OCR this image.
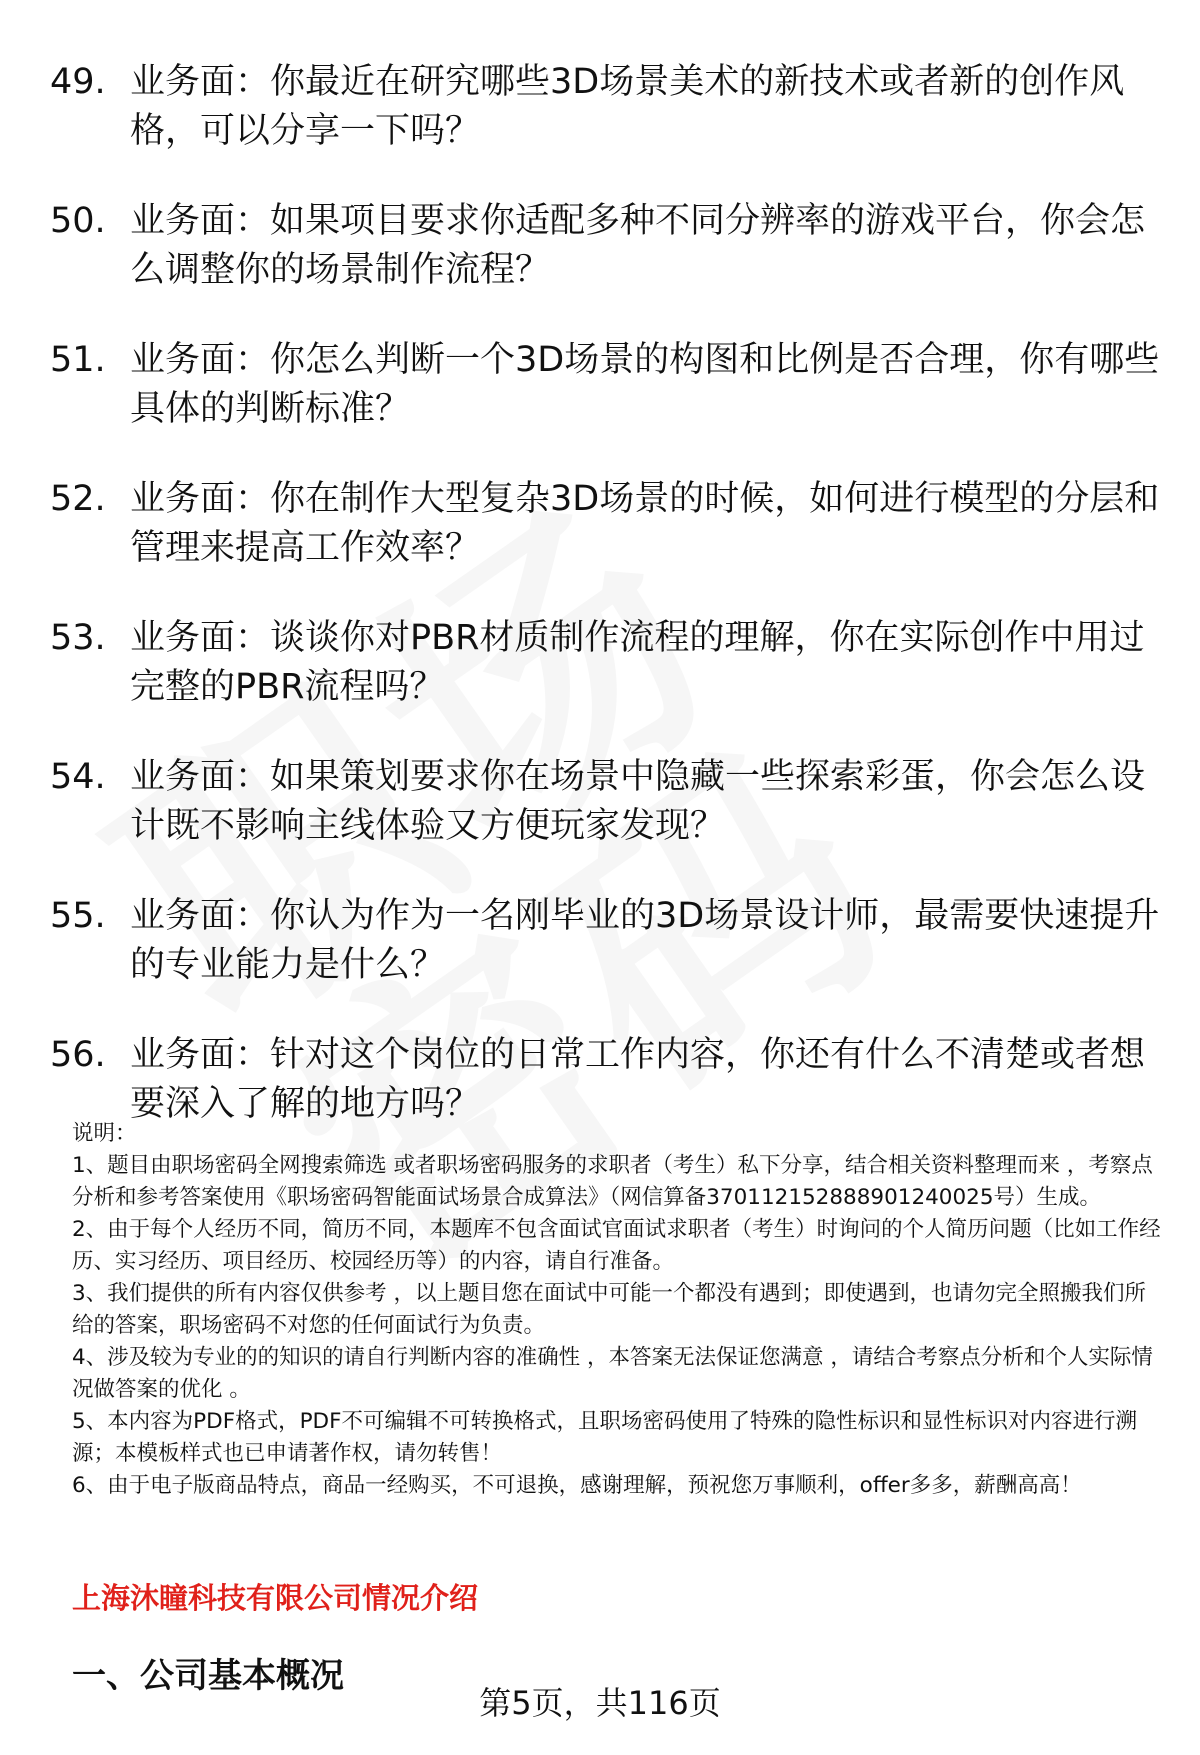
49. 业务面：你最近在研究哪些3D场景美术的新技术或者新的创作风格，可以分享一下吗？
50. 业务面：如果项目要求你适配多种不同分辨率的游戏平台，你会怎么调整你的场景制作流程？
51. 业务面：你怎么判断一个3D场景的构图和比例是否合理，你有哪些具体的判断标准？
52. 业务面：你在制作大型复杂3D场景的时候，如何进行模型的分层和管理来提高工作效率？
53. 业务面：谈谈你对PBR材质制作流程的理解，你在实际创作中用过完整的PBR流程吗？
54. 业务面：如果策划要求你在场景中隐藏一些探索彩蛋，你会怎么设计既不影响主线体验又方便玩家发现？
55. 业务面：你认为作为一名刚毕业的3D场景设计师，最需要快速提升的专业能力是什么？
56. 业务面：针对这个岗位的日常工作内容，你还有什么不清楚或者想要深入了解的地方吗？

说明：

1、题目由职场密码全网搜索筛选 或者职场密码服务的求职者（考生）私下分享，结合相关资料整理而来 ，考察点分析和参考答案使用《职场密码智能面试场景合成算法》（网信算备370112152888901240025号）生成。

2、由于每个人经历不同，简历不同，本题库不包含面试官面试求职者（考生）时询问的个人简历问题（比如工作经历、实习经历、项目经历、校园经历等）的内容，请自行准备。

3、我们提供的所有内容仅供参考 ，以上题目您在面试中可能一个都没有遇到；即使遇到，也请勿完全照搬我们所给的答案，职场密码不对您的任何面试行为负责。

4、涉及较为专业的的知识的请自行判断内容的准确性 ，本答案无法保证您满意 ，请结合考察点分析和个人实际情况做答案的优化 。

5、本内容为PDF格式，PDF不可编辑不可转换格式，且职场密码使用了特殊的隐性标识和显性标识对内容进行溯源；本模板样式也已申请著作权，请勿转售！

6、由于电子版商品特点，商品一经购买，不可退换，感谢理解，预祝您万事顺利，offer多多，薪酬高高！

上海沐瞳科技有限公司情况介绍
一、公司基本概况
第5页，共116页
